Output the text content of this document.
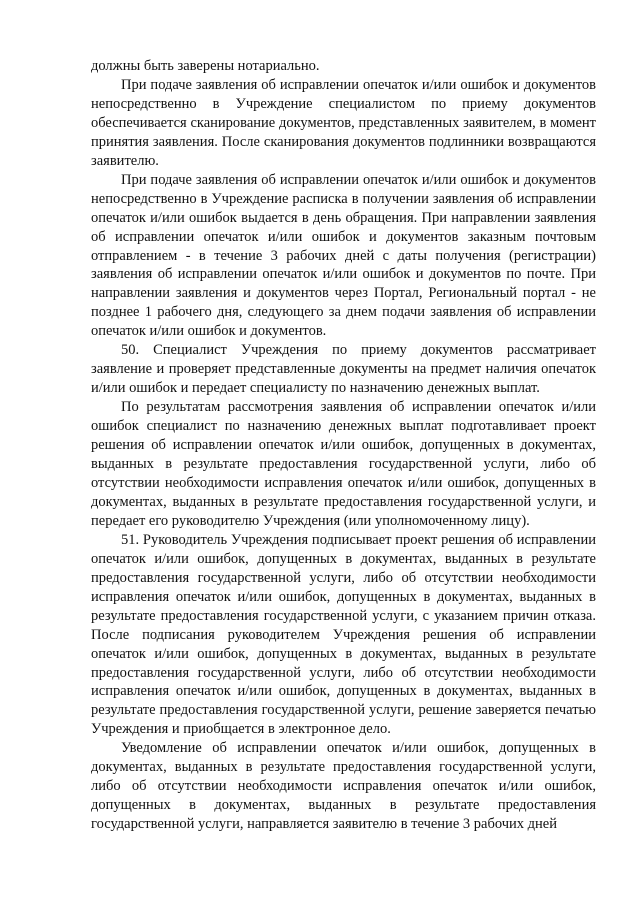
должны быть заверены нотариально.

При подаче заявления об исправлении опечаток и/или ошибок и документов непосредственно в Учреждение специалистом по приему документов обеспечивается сканирование документов, представленных заявителем, в момент принятия заявления. После сканирования документов подлинники возвращаются заявителю.

При подаче заявления об исправлении опечаток и/или ошибок и документов непосредственно в Учреждение расписка в получении заявления об исправлении опечаток и/или ошибок выдается в день обращения. При направлении заявления об исправлении опечаток и/или ошибок и документов заказным почтовым отправлением - в течение 3 рабочих дней с даты получения (регистрации) заявления об исправлении опечаток и/или ошибок и документов по почте. При направлении заявления и документов через Портал, Региональный портал - не позднее 1 рабочего дня, следующего за днем подачи заявления об исправлении опечаток и/или ошибок и документов.

50. Специалист Учреждения по приему документов рассматривает заявление и проверяет представленные документы на предмет наличия опечаток и/или ошибок и передает специалисту по назначению денежных выплат.

По результатам рассмотрения заявления об исправлении опечаток и/или ошибок специалист по назначению денежных выплат подготавливает проект решения об исправлении опечаток и/или ошибок, допущенных в документах, выданных в результате предоставления государственной услуги, либо об отсутствии необходимости исправления опечаток и/или ошибок, допущенных в документах, выданных в результате предоставления государственной услуги, и передает его руководителю Учреждения (или уполномоченному лицу).

51. Руководитель Учреждения подписывает проект решения об исправлении опечаток и/или ошибок, допущенных в документах, выданных в результате предоставления государственной услуги, либо об отсутствии необходимости исправления опечаток и/или ошибок, допущенных в документах, выданных в результате предоставления государственной услуги, с указанием причин отказа. После подписания руководителем Учреждения решения об исправлении опечаток и/или ошибок, допущенных в документах, выданных в результате предоставления государственной услуги, либо об отсутствии необходимости исправления опечаток и/или ошибок, допущенных в документах, выданных в результате предоставления государственной услуги, решение заверяется печатью Учреждения и приобщается в электронное дело.

Уведомление об исправлении опечаток и/или ошибок, допущенных в документах, выданных в результате предоставления государственной услуги, либо об отсутствии необходимости исправления опечаток и/или ошибок, допущенных в документах, выданных в результате предоставления государственной услуги, направляется заявителю в течение 3 рабочих дней
